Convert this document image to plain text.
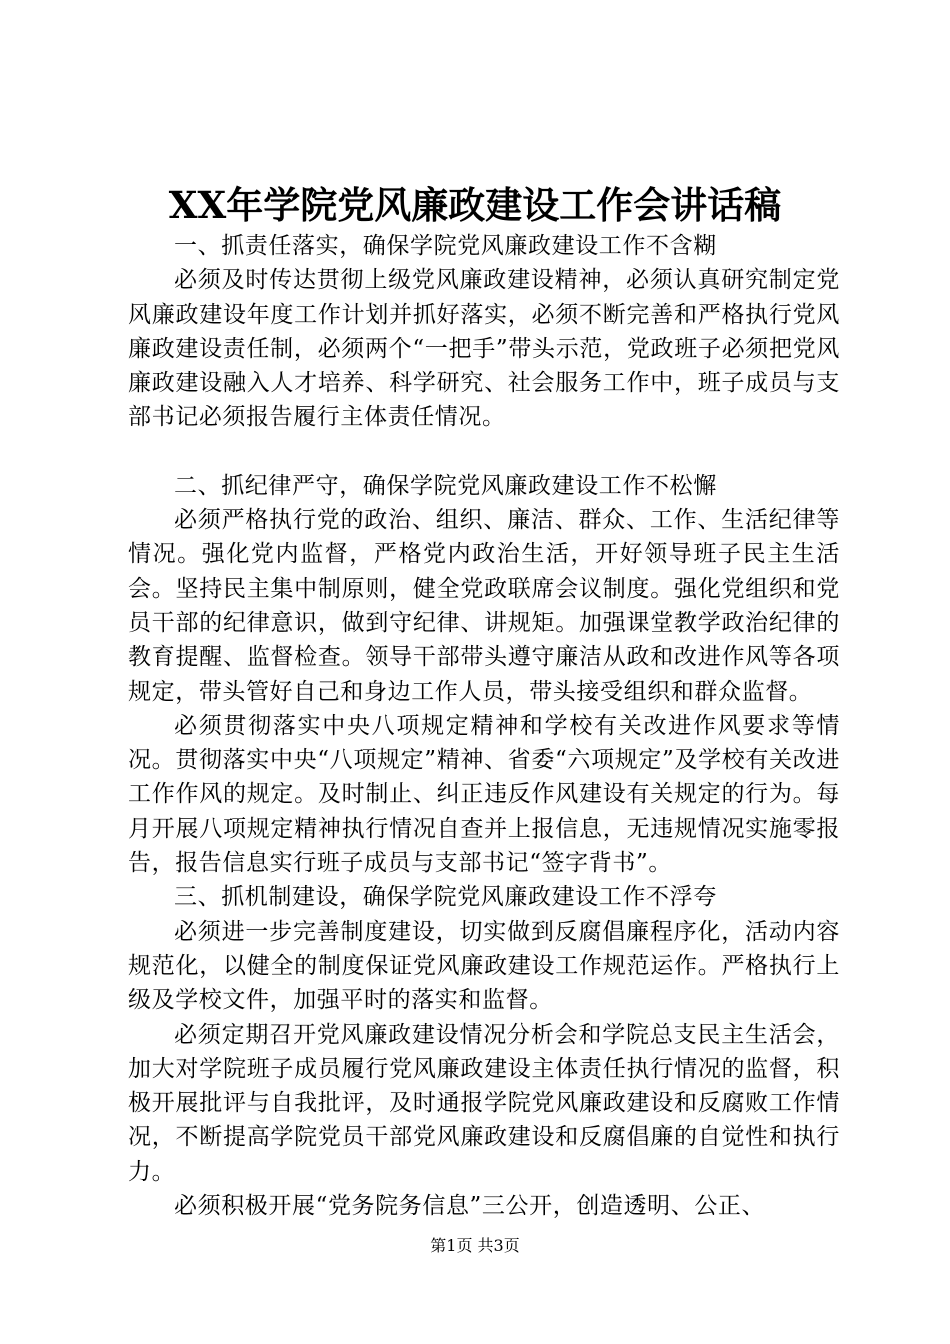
XX年学院党风廉政建设工作会讲话稿

一、抓责任落实，确保学院党风廉政建设工作不含糊

必须及时传达贯彻上级党风廉政建设精神，必须认真研究制定党风廉政建设年度工作计划并抓好落实，必须不断完善和严格执行党风廉政建设责任制，必须两个“一把手”带头示范，党政班子必须把党风廉政建设融入人才培养、科学研究、社会服务工作中，班子成员与支部书记必须报告履行主体责任情况。

二、抓纪律严守，确保学院党风廉政建设工作不松懈

必须严格执行党的政治、组织、廉洁、群众、工作、生活纪律等情况。强化党内监督，严格党内政治生活，开好领导班子民主生活会。坚持民主集中制原则，健全党政联席会议制度。强化党组织和党员干部的纪律意识，做到守纪律、讲规矩。加强课堂教学政治纪律的教育提醒、监督检查。领导干部带头遵守廉洁从政和改进作风等各项规定，带头管好自己和身边工作人员，带头接受组织和群众监督。

必须贯彻落实中央八项规定精神和学校有关改进作风要求等情况。贯彻落实中央“八项规定”精神、省委“六项规定”及学校有关改进工作作风的规定。及时制止、纠正违反作风建设有关规定的行为。每月开展八项规定精神执行情况自查并上报信息，无违规情况实施零报告，报告信息实行班子成员与支部书记“签字背书”。

三、抓机制建设，确保学院党风廉政建设工作不浮夸

必须进一步完善制度建设，切实做到反腐倡廉程序化，活动内容规范化，以健全的制度保证党风廉政建设工作规范运作。严格执行上级及学校文件，加强平时的落实和监督。

必须定期召开党风廉政建设情况分析会和学院总支民主生活会，加大对学院班子成员履行党风廉政建设主体责任执行情况的监督，积极开展批评与自我批评，及时通报学院党风廉政建设和反腐败工作情况，不断提高学院党员干部党风廉政建设和反腐倡廉的自觉性和执行力。

必须积极开展“党务院务信息”三公开，创造透明、公正、

第1页 共3页
